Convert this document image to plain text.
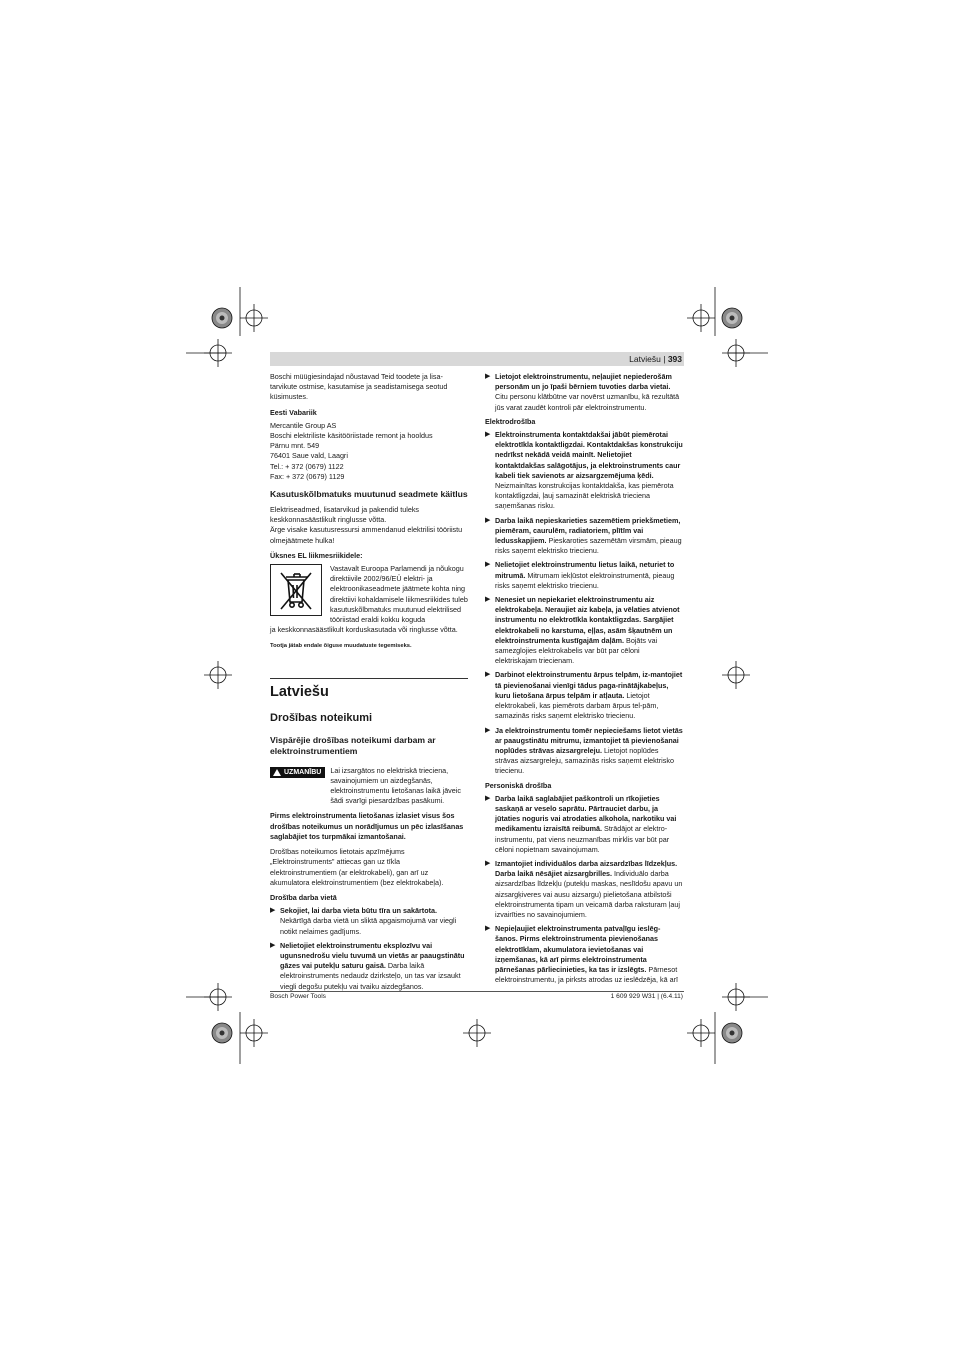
Latviešu | 393

Boschi müügiesindajad nõustavad Teid toodete ja lisa-tarvikute ostmise, kasutamise ja seadistamisega seotud küsimustes.

Eesti Vabariik

Mercantile Group AS
Boschi elektriliste käsitööriistade remont ja hooldus
Pärnu mnt. 549
76401 Saue vald, Laagri
Tel.: + 372 (0679) 1122
Fax: + 372 (0679) 1129

Kasutuskõlbmatuks muutunud seadmete käitlus

Elektriseadmed, lisatarvikud ja pakendid tuleks keskkonnasäästlikult ringlusse võtta.

Ärge visake kasutusressursi ammendanud elektrilisi tööriistu olmejäätmete hulka!

Üksnes EL liikmesriikidele:
Vastavalt Euroopa Parlamendi ja nõukogu direktiivile 2002/96/EÜ elektri- ja elektroonikaseadmete jäätmete kohta ning direktiivi kohaldamisele liikmesriikides tuleb kasutuskõlbmatuks muutunud elektrilised tööriistad eraldi kokku koguda

ja keskkonnasäästlikult korduskasutada või ringlusse võtta.

Tootja jätab endale õiguse muudatuste tegemiseks.
Latviešu
Drošības noteikumi
Vispārējie drošības noteikumi darbam ar elektroinstrumentiem
UZMANĪBU Lai izsargātos no elektriskā trieciena, savainojumiem un aizdegšanās, elektroinstrumentu lietošanas laikā jāveic šādi svarīgi piesardzības pasākumi.

Pirms elektroinstrumenta lietošanas izlasiet visus šos drošības noteikumus un norādījumus un pēc izlasīšanas saglabājiet tos turpmākai izmantošanai.

Drošības noteikumos lietotais apzīmējums „Elektroinstruments" attiecas gan uz tīkla elektroinstrumentiem (ar elektrokabeli), gan arī uz akumulatora elektroinstrumentiem (bez elektrokabeļa).

Drošība darba vietā
▶ Sekojiet, lai darba vieta būtu tīra un sakārtota. Nekārtīgā darba vietā un sliktā apgaismojumā var viegli notikt nelaimes gadījums.
▶ Nelietojiet elektroinstrumentu eksplozīvu vai ugunsnedrošu vielu tuvumā un vietās ar paaugstinātu gāzes vai putekļu saturu gaisā. Darba laikā elektroinstruments nedaudz dzirksteļo, un tas var izsaukt viegli degošu putekļu vai tvaiku aizdegšanos.
▶ Lietojot elektroinstrumentu, neļaujiet nepiederošām personām un jo īpaši bērniem tuvoties darba vietai. Citu personu klātbūtne var novērst uzmanību, kā rezultātā jūs varat zaudēt kontroli pār elektroinstrumentu.
Elektrodrošība
▶ Elektroinstrumenta kontaktdakšai jābūt piemērotai elektrotīkla kontaktligzdai. Kontaktdakšas konstrukciju nedrīkst nekādā veidā mainīt. Nelietojiet kontaktdakšas salāgotājus, ja elektroinstruments caur kabeli tiek savienots ar aizsargzemējuma ķēdi. Neizmainītas konstrukcijas kontaktdakša, kas piemērota kontaktligzdai, ļauj samazināt elektriskā trieciena saņemšanas risku.
▶ Darba laikā nepieskarieties sazemētiem priekšmetiem, piemēram, caurulēm, radiatoriem, plītīm vai ledusskapjiem. Pieskaroties sazemētām virsmām, pieaug risks saņemt elektrisko triecienu.
▶ Nelietojiet elektroinstrumentu lietus laikā, neturiet to mitrumā. Mitrumam iekļūstot elektroinstrumentā, pieaug risks saņemt elektrisko triecienu.
▶ Nenesiet un nepiekariet elektroinstrumentu aiz elektrokabeļa. Neraujiet aiz kabeļa, ja vēlaties atvienot instrumentu no elektrotīkla kontaktligzdas. Sargājiet elektrokabeli no karstuma, eļļas, asām šķautnēm un elektroinstrumenta kustīgajām daļām. Bojāts vai samezglojies elektrokabelis var būt par cēloni elektriskajam triecienam.
▶ Darbinot elektroinstrumentu ārpus telpām, iz-mantojiet tā pievienošanai vienīgi tādus paga-rinātājkabeļus, kuru lietošana ārpus telpām ir atļauta. Lietojot elektrokabeli, kas piemērots darbam ārpus tel-pām, samazinās risks saņemt elektrisko triecienu.
▶ Ja elektroinstrumentu tomēr nepieciešams lietot vietās ar paaugstinātu mitrumu, izmantojiet tā pievienošanai noplūdes strāvas aizsargreleju. Lietojot noplūdes strāvas aizsargreleju, samazinās risks saņemt elektrisko triecienu.
Personiskā drošība
▶ Darba laikā saglabājiet paškontroli un rīkojieties saskaņā ar veselo saprātu. Pārtrauciet darbu, ja jūtaties noguris vai atrodaties alkohola, narkotiku vai medikamentu izraisītā reibumā. Strādājot ar elektro-instrumentu, pat viens neuzmanības mirklis var būt par cēloni nopietnam savainojumam.
▶ Izmantojiet individuālos darba aizsardzības līdzekļus. Darba laikā nēsājiet aizsargbrilles. Individuālo darba aizsardzības līdzekļu (putekļu maskas, neslīdošu apavu un aizsargķiveres vai ausu aizsargu) pielietošana atbilstoši elektroinstrumenta tipam un veicamā darba raksturam ļauj izvairīties no savainojumiem.
▶ Nepieļaujiet elektroinstrumenta patvaļīgu ieslēg-šanos. Pirms elektroinstrumenta pievienošanas elektrotīklam, akumulatora ievietošanas vai izņemšanas, kā arī pirms elektroinstrumenta pārnešanas pārliecinieties, ka tas ir izslēgts. Pārnesot elektroinstrumentu, ja pirksts atrodas uz ieslēdzēja, kā arī
Bosch Power Tools	1 609 929 W31 | (6.4.11)
